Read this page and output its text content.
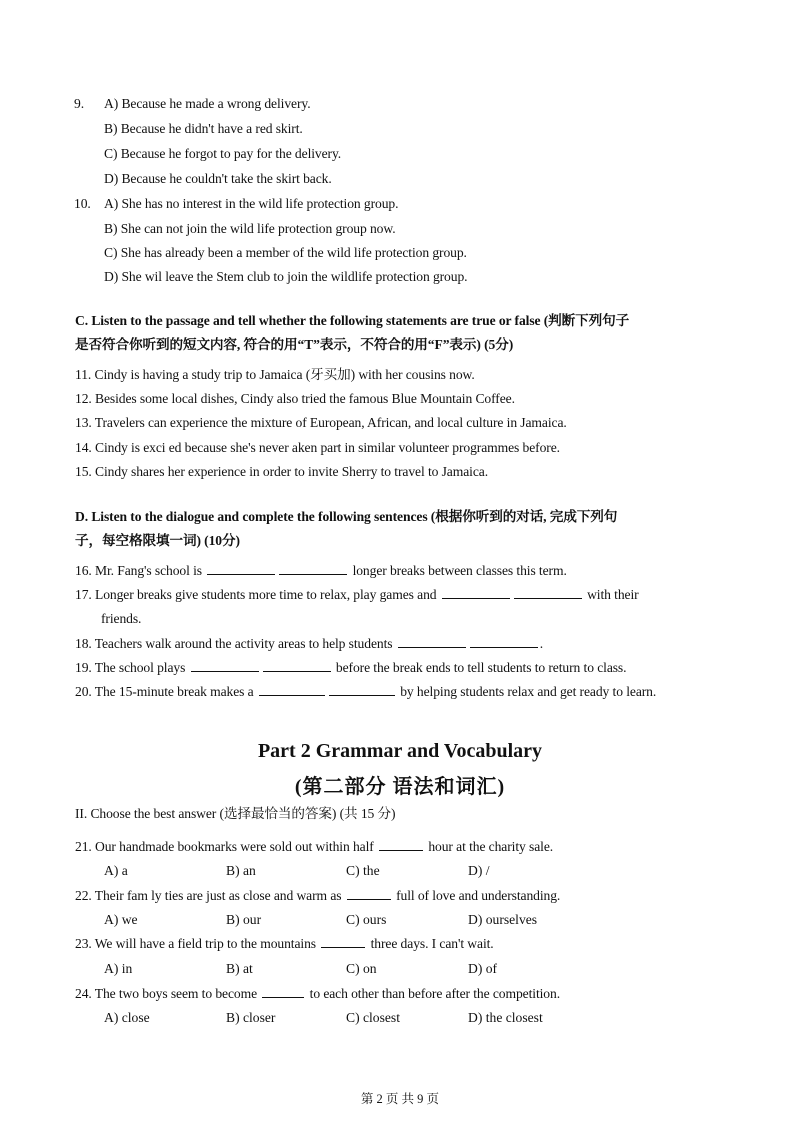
9. A) Because he made a wrong delivery.
B) Because he didn't have a red skirt.
C) Because he forgot to pay for the delivery.
D) Because he couldn't take the skirt back.
10. A) She has no interest in the wild life protection group.
B) She can not join the wild life protection group now.
C) She has already been a member of the wild life protection group.
D) She wil leave the Stem club to join the wildlife protection group.
C. Listen to the passage and tell whether the following statements are true or false (判断下列句子
是否符合你听到的短文内容, 符合的用“T”表示，不符合的用“F”表示) (5分)
11. Cindy is having a study trip to Jamaica (牙买加) with her cousins now.
12. Besides some local dishes, Cindy also tried the famous Blue Mountain Coffee.
13. Travelers can experience the mixture of European, African, and local culture in Jamaica.
14. Cindy is exci ed because she's never aken part in similar volunteer programmes before.
15. Cindy shares her experience in order to invite Sherry to travel to Jamaica.
D. Listen to the dialogue and complete the following sentences (根据你听到的对话, 完成下列句
子，每空格限填一词) (10分)
16. Mr. Fang's school is	longer breaks between classes this term.
17. Longer breaks give students more time to relax, play games and	with their
friends.
18. Teachers walk around the activity areas to help students	.
19. The school plays	before the break ends to tell students to return to class.
20. The 15-minute break makes a	by helping students relax and get ready to learn.
Part 2 Grammar and Vocabulary
(第二部分 语法和词汇)
II. Choose the best answer (选择最恰当的答案) (共 15 分)
21. Our handmade bookmarks were sold out within half	hour at the charity sale.
A) a	B) an	C) the	D) /
22. Their fam ly ties are just as close and warm as	full of love and understanding.
A) we	B) our	C) ours	D) ourselves
23. We will have a field trip to the mountains	three days. I can't wait.
A) in	B) at	C) on	D) of
24. The two boys seem to become	to each other than before after the competition.
A) close	B) closer	C) closest	D) the closest
第 2 页 共 9 页
